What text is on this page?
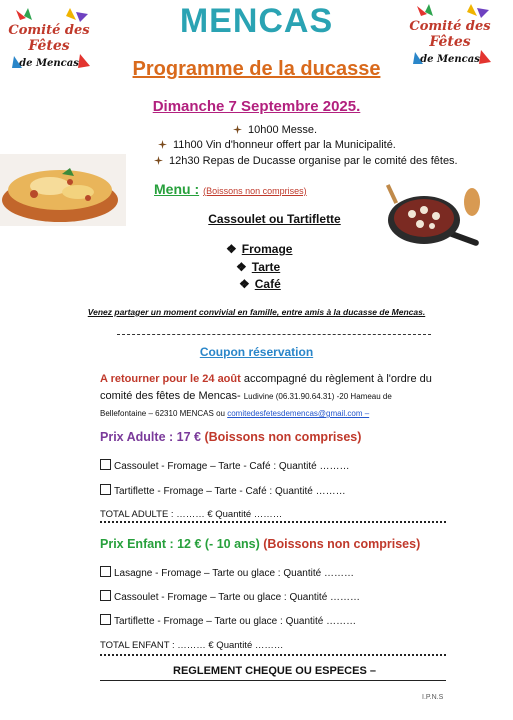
Comité des
Fêtes
de Mencas
Comité des
Fêtes
de Mencas
MENCAS
Programme de la ducasse
Dimanche 7 Septembre 2025.
10h00 Messe.
11h00 Vin d'honneur offert par la Municipalité.
12h30 Repas de Ducasse organise par le comité des fêtes.
Menu : (Boissons non comprises)
Cassoulet ou Tartiflette
❖ Fromage
❖ Tarte
❖ Café
Venez partager un moment convivial en famille, entre amis à la ducasse de Mencas.
Coupon réservation
A retourner pour le 24 août accompagné du règlement à l'ordre du
comité des fêtes de Mencas- Ludivine (06.31.90.64.31) -20 Hameau de
Bellefontaine – 62310 MENCAS ou comitedesfetesdemencas@gmail.com –
Prix Adulte : 17 € (Boissons non comprises)
Cassoulet - Fromage – Tarte - Café : Quantité ………
Tartiflette - Fromage – Tarte - Café : Quantité ………
TOTAL ADULTE : ……… € Quantité ………
Prix Enfant : 12 € (- 10 ans) (Boissons non comprises)
Lasagne - Fromage – Tarte ou glace : Quantité ………
Cassoulet - Fromage – Tarte ou glace : Quantité ………
Tartiflette - Fromage – Tarte ou glace : Quantité ………
TOTAL ENFANT : ……… € Quantité ………
REGLEMENT CHEQUE OU ESPECES –
I.P.N.S
